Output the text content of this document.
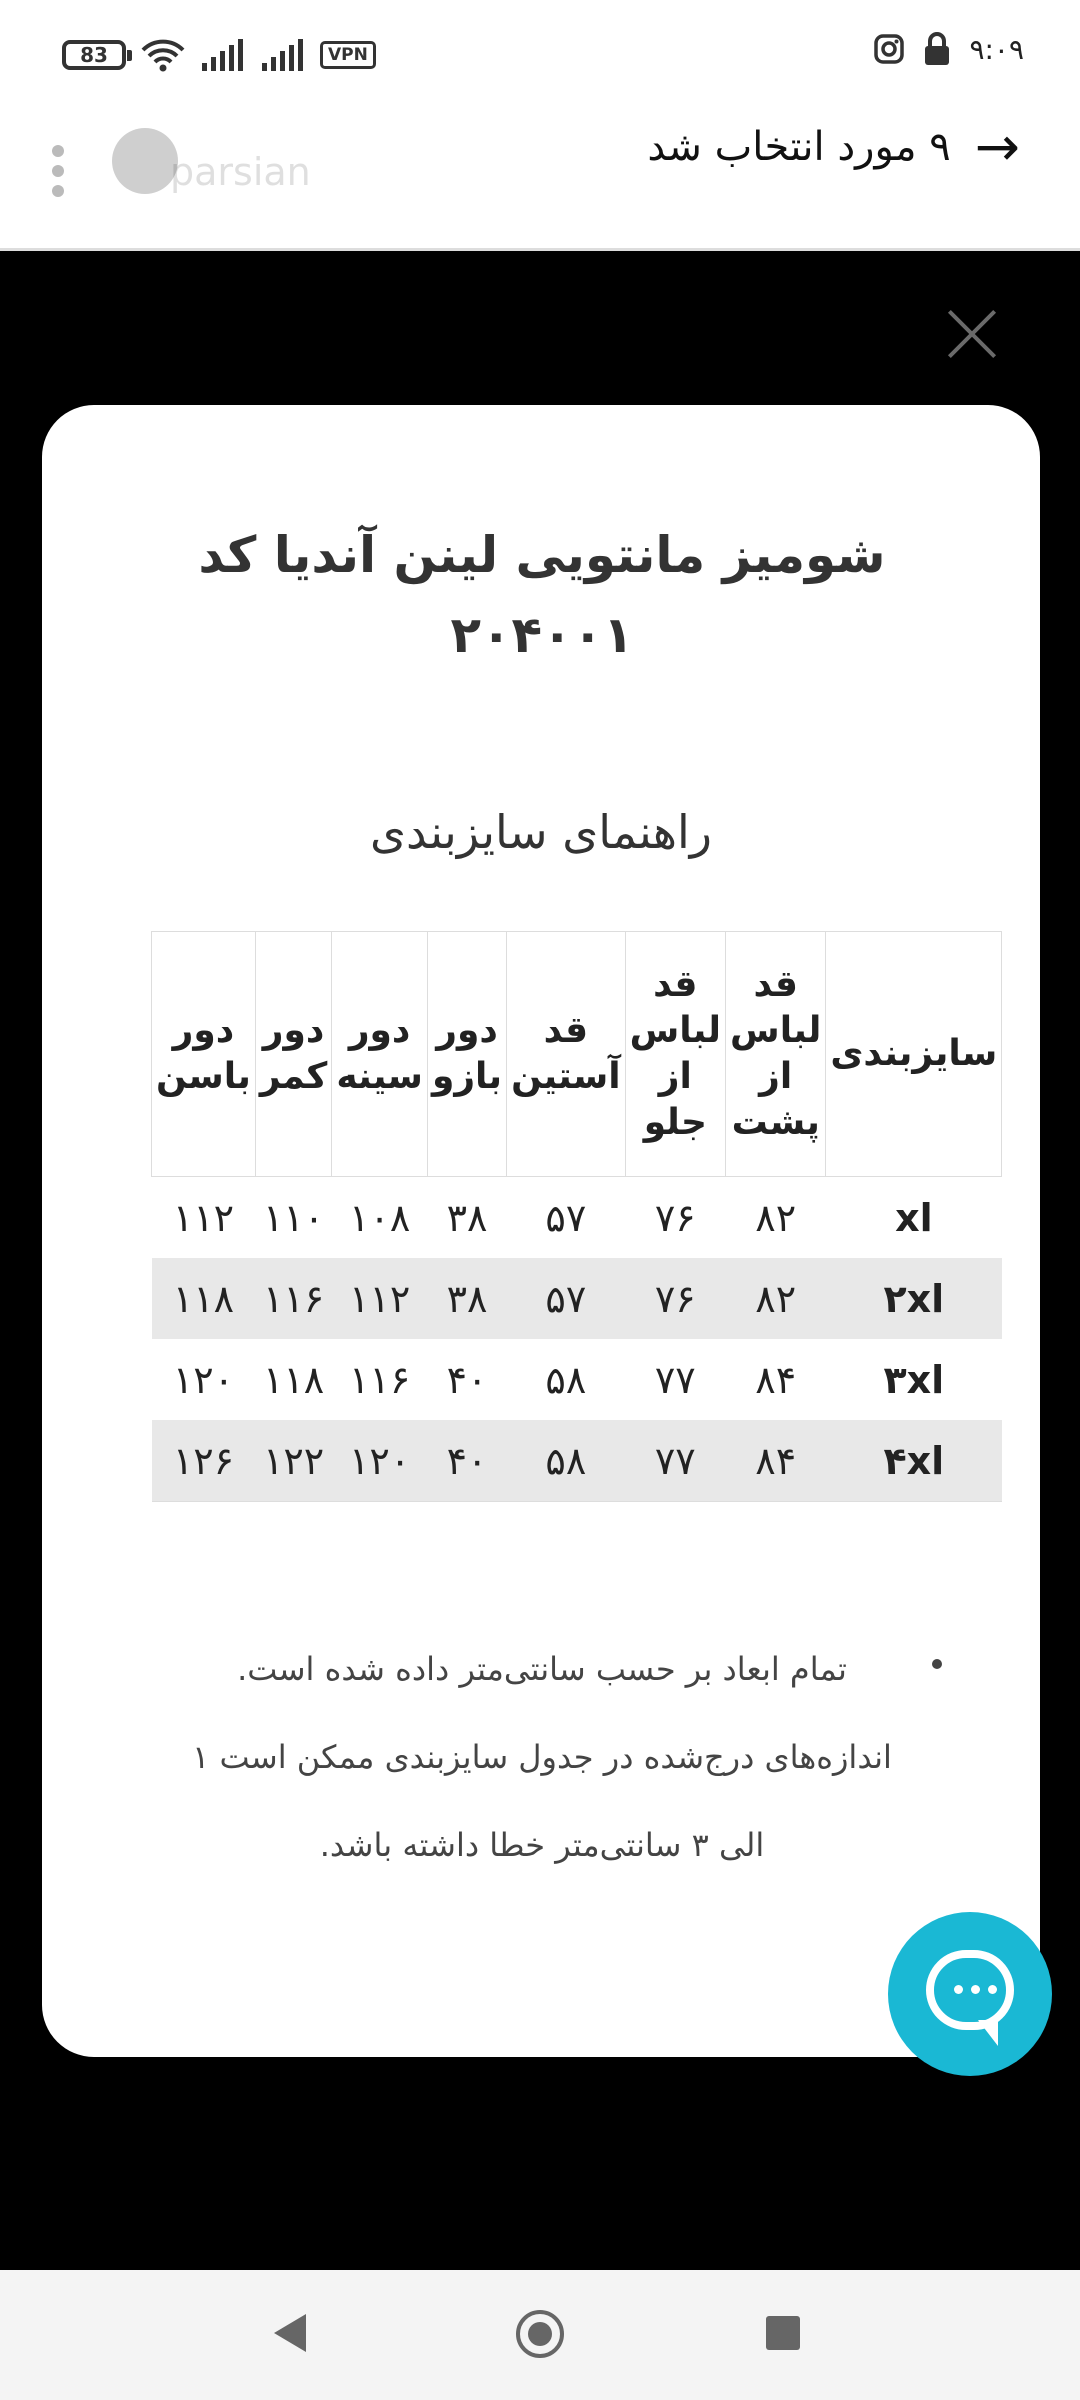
83	VPN	۹:۰۹
parsian	→
۹ مورد انتخاب شد
شومیز مانتویی لینن آندیا کد ۲۰۴۰۰۱
راهنمای سایزبندی
سایزبندی	قد لباس از پشت	قد لباس از جلو	قد آستین	دور بازو	دور سینه	دور کمر	دور باسن
xl	۸۲	۷۶	۵۷	۳۸	۱۰۸	۱۱۰	۱۱۲
۲xl	۸۲	۷۶	۵۷	۳۸	۱۱۲	۱۱۶	۱۱۸
۳xl	۸۴	۷۷	۵۸	۴۰	۱۱۶	۱۱۸	۱۲۰
۴xl	۸۴	۷۷	۵۸	۴۰	۱۲۰	۱۲۲	۱۲۶
تمام ابعاد بر حسب سانتی‌متر داده شده است.
اندازه‌های درج‌شده در جدول سایزبندی ممکن است ۱
الی ۳ سانتی‌متر خطا داشته باشد.
